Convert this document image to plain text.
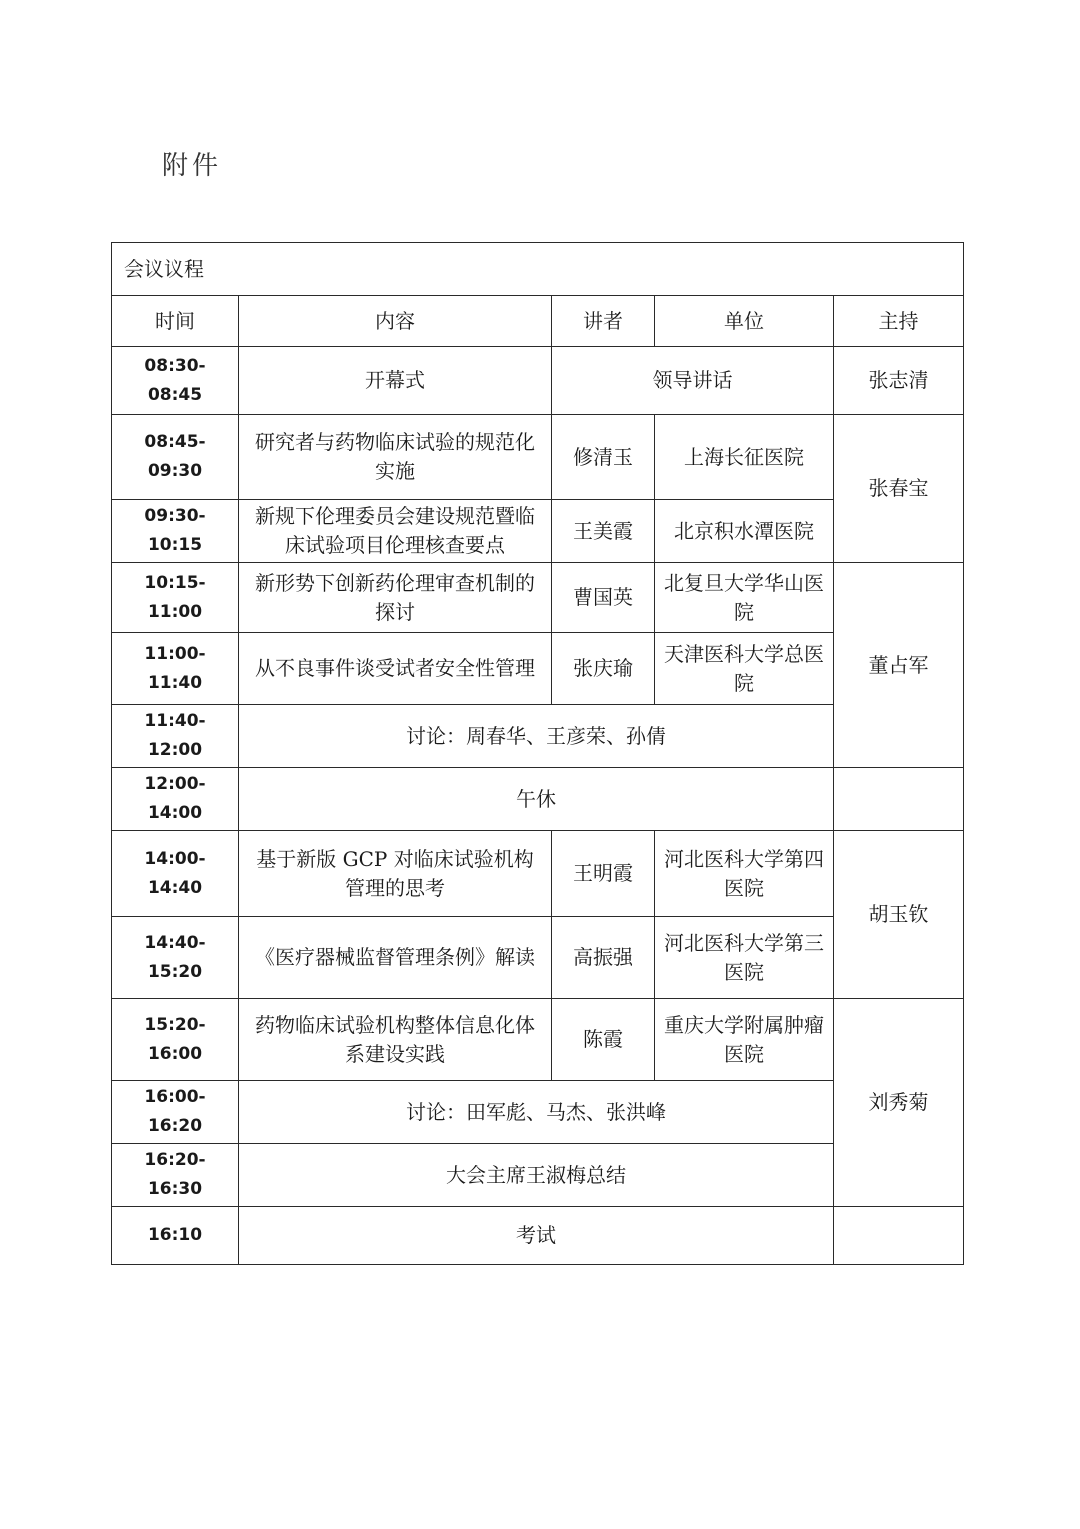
附件
会议议程				
时间	内容	讲者	单位	主持
08:30-08:45	开幕式	领导讲话		张志清
08:45-09:30	研究者与药物临床试验的规范化实施	修清玉	上海长征医院	张春宝
09:30-10:15	新规下伦理委员会建设规范暨临床试验项目伦理核查要点	王美霞	北京积水潭医院	
10:15-11:00	新形势下创新药伦理审查机制的探讨	曹国英	北复旦大学华山医院	董占军
11:00-11:40	从不良事件谈受试者安全性管理	张庆瑜	天津医科大学总医院	
11:40-12:00	讨论：周春华、王彦荣、孙倩			
12:00-14:00	午休			
14:00-14:40	基于新版 GCP 对临床试验机构管理的思考	王明霞	河北医科大学第四医院	胡玉钦
14:40-15:20	《医疗器械监督管理条例》解读	高振强	河北医科大学第三医院	
15:20-16:00	药物临床试验机构整体信息化体系建设实践	陈霞	重庆大学附属肿瘤医院	刘秀菊
16:00-16:20	讨论：田军彪、马杰、张洪峰			
16:20-16:30	大会主席王淑梅总结			
16:10	考试			
